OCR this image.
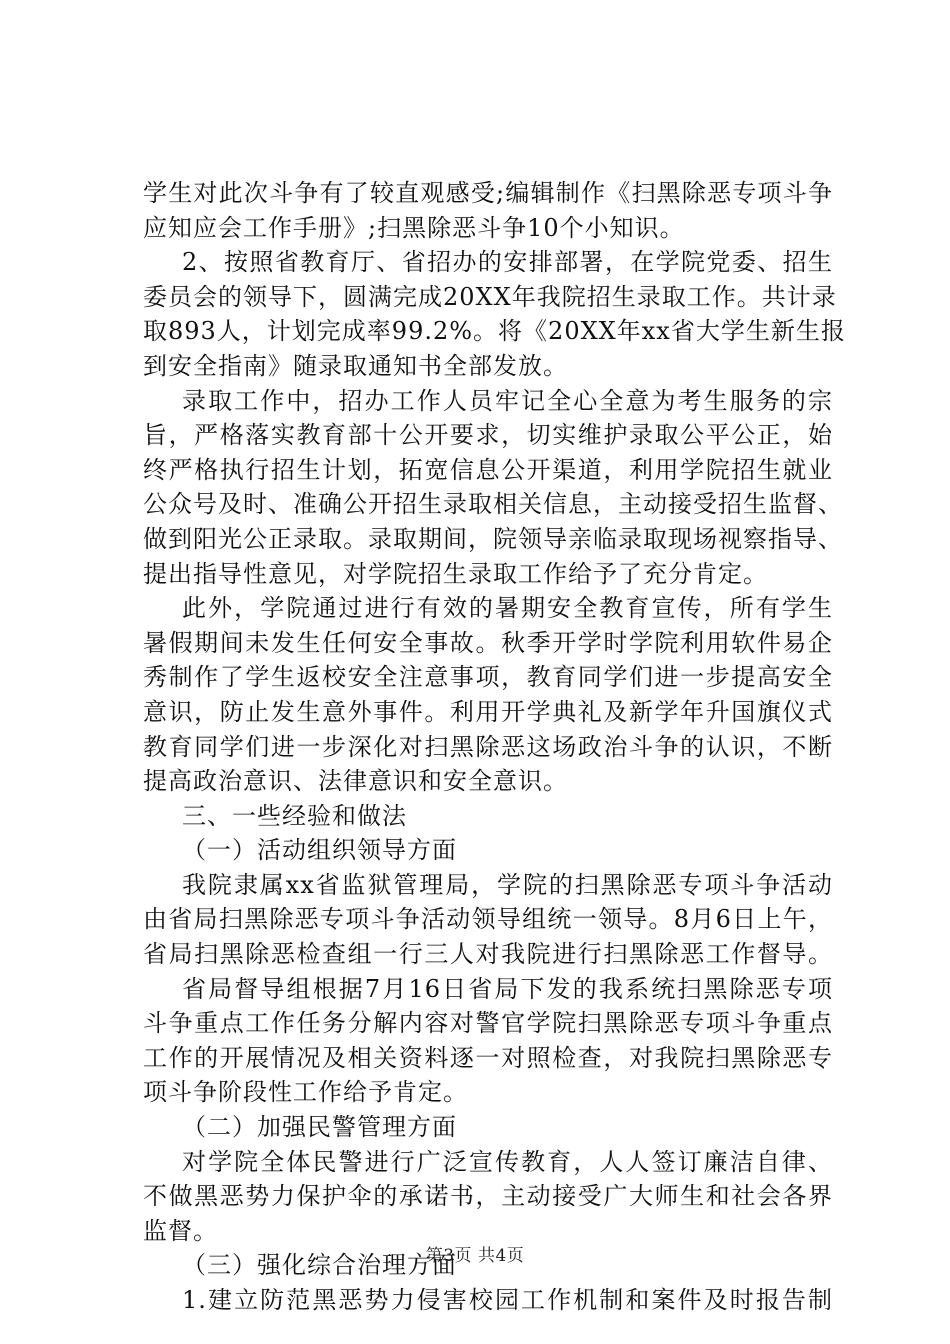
学生对此次斗争有了较直观感受;编辑制作《扫黑除恶专项斗争
应知应会工作手册》;扫黑除恶斗争10个小知识。
2、按照省教育厅、省招办的安排部署，在学院党委、招生
委员会的领导下，圆满完成20XX年我院招生录取工作。共计录
取893人，计划完成率99.2%。将《20XX年xx省大学生新生报
到安全指南》随录取通知书全部发放。
录取工作中，招办工作人员牢记全心全意为考生服务的宗
旨，严格落实教育部十公开要求，切实维护录取公平公正，始
终严格执行招生计划，拓宽信息公开渠道，利用学院招生就业
公众号及时、准确公开招生录取相关信息，主动接受招生监督、
做到阳光公正录取。录取期间，院领导亲临录取现场视察指导、
提出指导性意见，对学院招生录取工作给予了充分肯定。
此外，学院通过进行有效的暑期安全教育宣传，所有学生
暑假期间未发生任何安全事故。秋季开学时学院利用软件易企
秀制作了学生返校安全注意事项，教育同学们进一步提高安全
意识，防止发生意外事件。利用开学典礼及新学年升国旗仪式
教育同学们进一步深化对扫黑除恶这场政治斗争的认识，不断
提高政治意识、法律意识和安全意识。
三、一些经验和做法
（一）活动组织领导方面
我院隶属xx省监狱管理局，学院的扫黑除恶专项斗争活动
由省局扫黑除恶专项斗争活动领导组统一领导。8月6日上午，
省局扫黑除恶检查组一行三人对我院进行扫黑除恶工作督导。
省局督导组根据7月16日省局下发的我系统扫黑除恶专项
斗争重点工作任务分解内容对警官学院扫黑除恶专项斗争重点
工作的开展情况及相关资料逐一对照检查，对我院扫黑除恶专
项斗争阶段性工作给予肯定。
（二）加强民警管理方面
对学院全体民警进行广泛宣传教育，人人签订廉洁自律、
不做黑恶势力保护伞的承诺书，主动接受广大师生和社会各界
监督。
（三）强化综合治理方面
1.建立防范黑恶势力侵害校园工作机制和案件及时报告制
第3页 共4页
